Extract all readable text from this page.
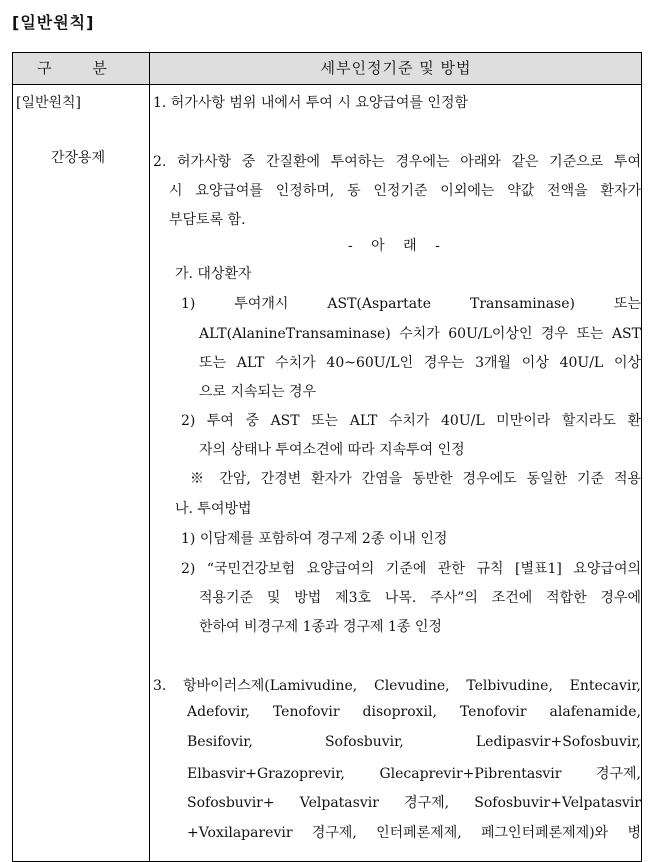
[일반원칙]
구 분	세부인정기준 및 방법
[일반원칙]
간장용제
1. 허가사항 범위 내에서 투여 시 요양급여를 인정함
2. 허가사항 중 간질환에 투여하는 경우에는 아래와 같은 기준으로 투여
시 요양급여를 인정하며, 동 인정기준 이외에는 약값 전액을 환자가
부담토록 함.
- 아 래 -
가. 대상환자
1) 투여개시 AST(Aspartate Transaminase) 또는
ALT(AlanineTransaminase) 수치가 60U/L이상인 경우 또는 AST
또는 ALT 수치가 40~60U/L인 경우는 3개월 이상 40U/L 이상
으로 지속되는 경우
2) 투여 중 AST 또는 ALT 수치가 40U/L 미만이라 할지라도 환
자의 상태나 투여소견에 따라 지속투여 인정
※ 간암, 간경변 환자가 간염을 동반한 경우에도 동일한 기준 적용
나. 투여방법
1) 이담제를 포함하여 경구제 2종 이내 인정
2) “국민건강보험 요양급여의 기준에 관한 규칙 [별표1] 요양급여의
적용기준 및 방법 제3호 나목. 주사”의 조건에 적합한 경우에
한하여 비경구제 1종과 경구제 1종 인정
3. 항바이러스제(Lamivudine, Clevudine, Telbivudine, Entecavir,
Adefovir, Tenofovir disoproxil, Tenofovir alafenamide,
Besifovir, Sofosbuvir, Ledipasvir+Sofosbuvir,
Elbasvir+Grazoprevir, Glecaprevir+Pibrentasvir 경구제,
Sofosbuvir+ Velpatasvir 경구제, Sofosbuvir+Velpatasvir
+Voxilaparevir 경구제, 인터페론제제, 페그인터페론제제)와 병
